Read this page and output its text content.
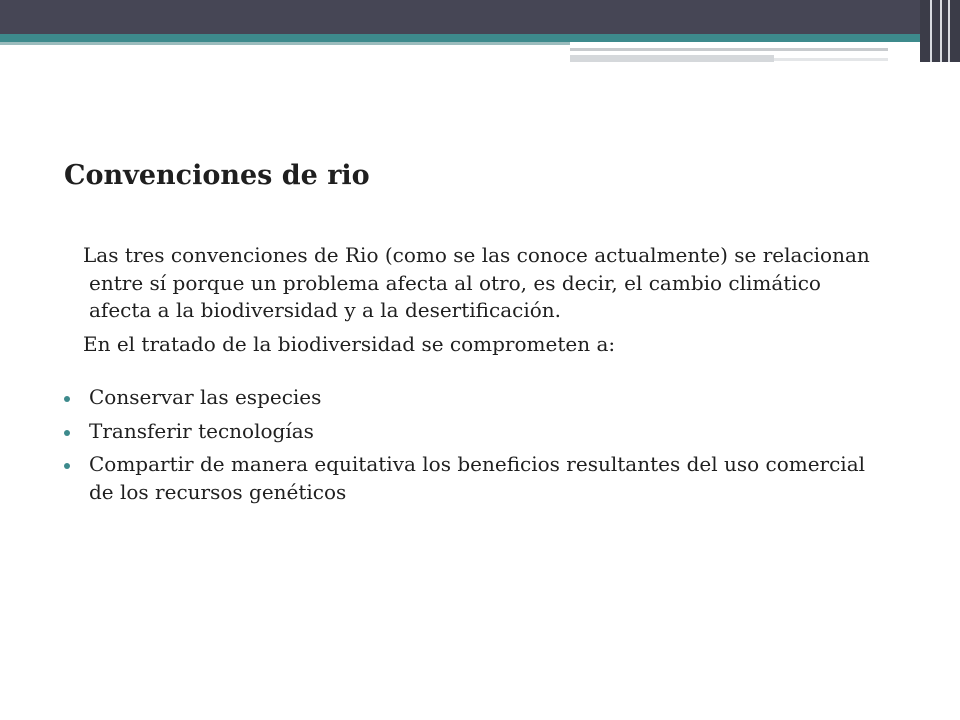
Convenciones de rio

Las tres convenciones de Rio (como se las conoce actualmente) se relacionan entre sí porque un problema afecta al otro, es decir, el cambio climático afecta a la biodiversidad y a la desertificación.

En el tratado de la biodiversidad se comprometen a:

Conservar las especies
Transferir tecnologías
Compartir de manera equitativa los beneficios resultantes del uso comercial de los recursos genéticos
